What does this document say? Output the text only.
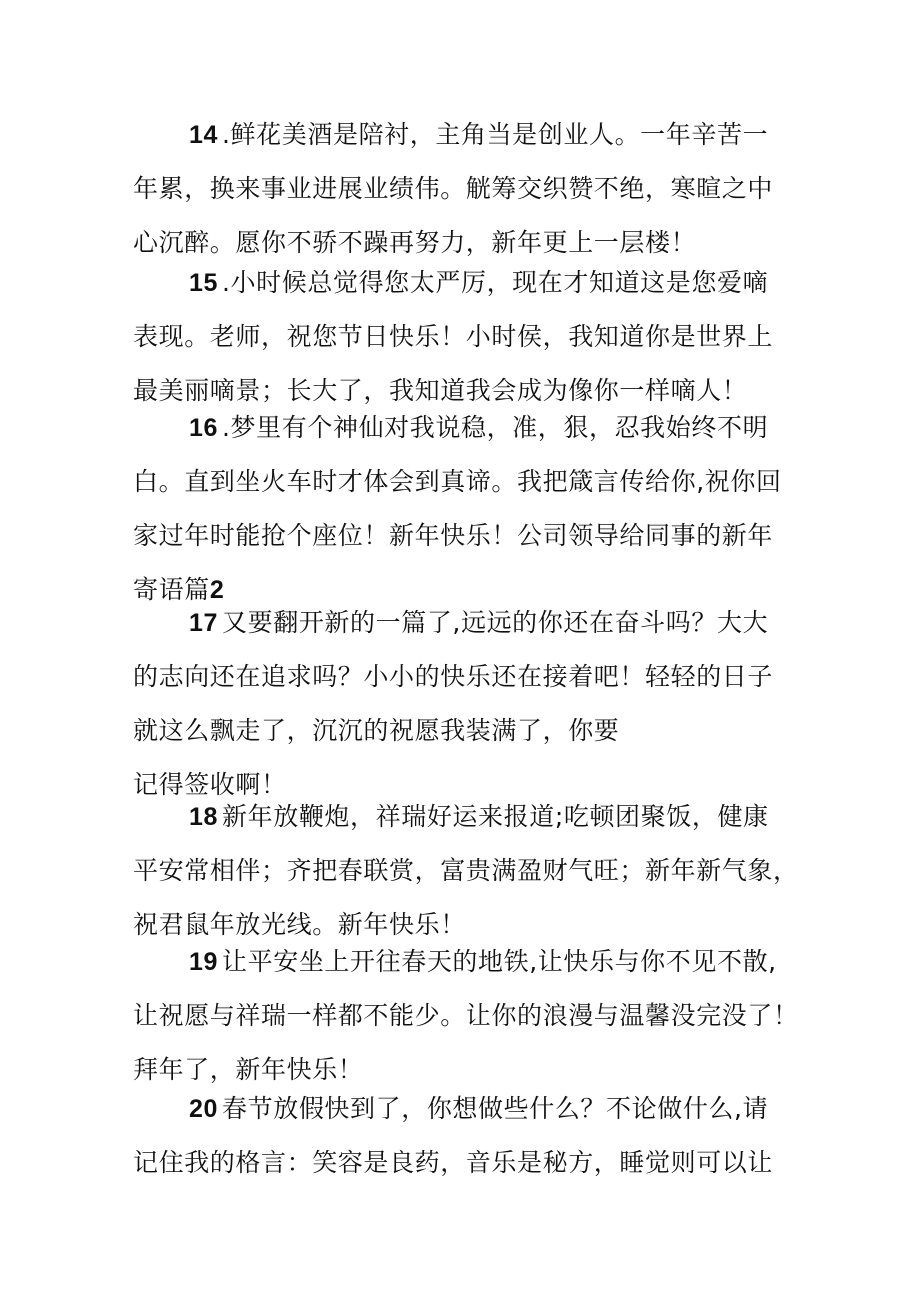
14 .鲜花美酒是陪衬，主角当是创业人。一年辛苦一
年累，换来事业进展业绩伟。觥筹交织赞不绝，寒暄之中
心沉醉。愿你不骄不躁再努力，新年更上一层楼！
15 .小时候总觉得您太严厉，现在才知道这是您爱嘀
表现。老师，祝您节日快乐！小时侯，我知道你是世界上
最美丽嘀景；长大了，我知道我会成为像你一样嘀人！
16 .梦里有个神仙对我说稳，准，狠，忍我始终不明
白。直到坐火车时才体会到真谛。我把箴言传给你,祝你回
家过年时能抢个座位！新年快乐！公司领导给同事的新年
寄语篇2
17 又要翻开新的一篇了,远远的你还在奋斗吗？大大
的志向还在追求吗？小小的快乐还在接着吧！轻轻的日子
就这么飘走了，沉沉的祝愿我装满了，你要
记得签收啊！
18 新年放鞭炮，祥瑞好运来报道;吃顿团聚饭，健康
平安常相伴；齐把春联赏，富贵满盈财气旺；新年新气象，
祝君鼠年放光线。新年快乐！
19 让平安坐上开往春天的地铁,让快乐与你不见不散,
让祝愿与祥瑞一样都不能少。让你的浪漫与温馨没完没了！
拜年了，新年快乐！
20 春节放假快到了，你想做些什么？不论做什么,请
记住我的格言：笑容是良药，音乐是秘方，睡觉则可以让
